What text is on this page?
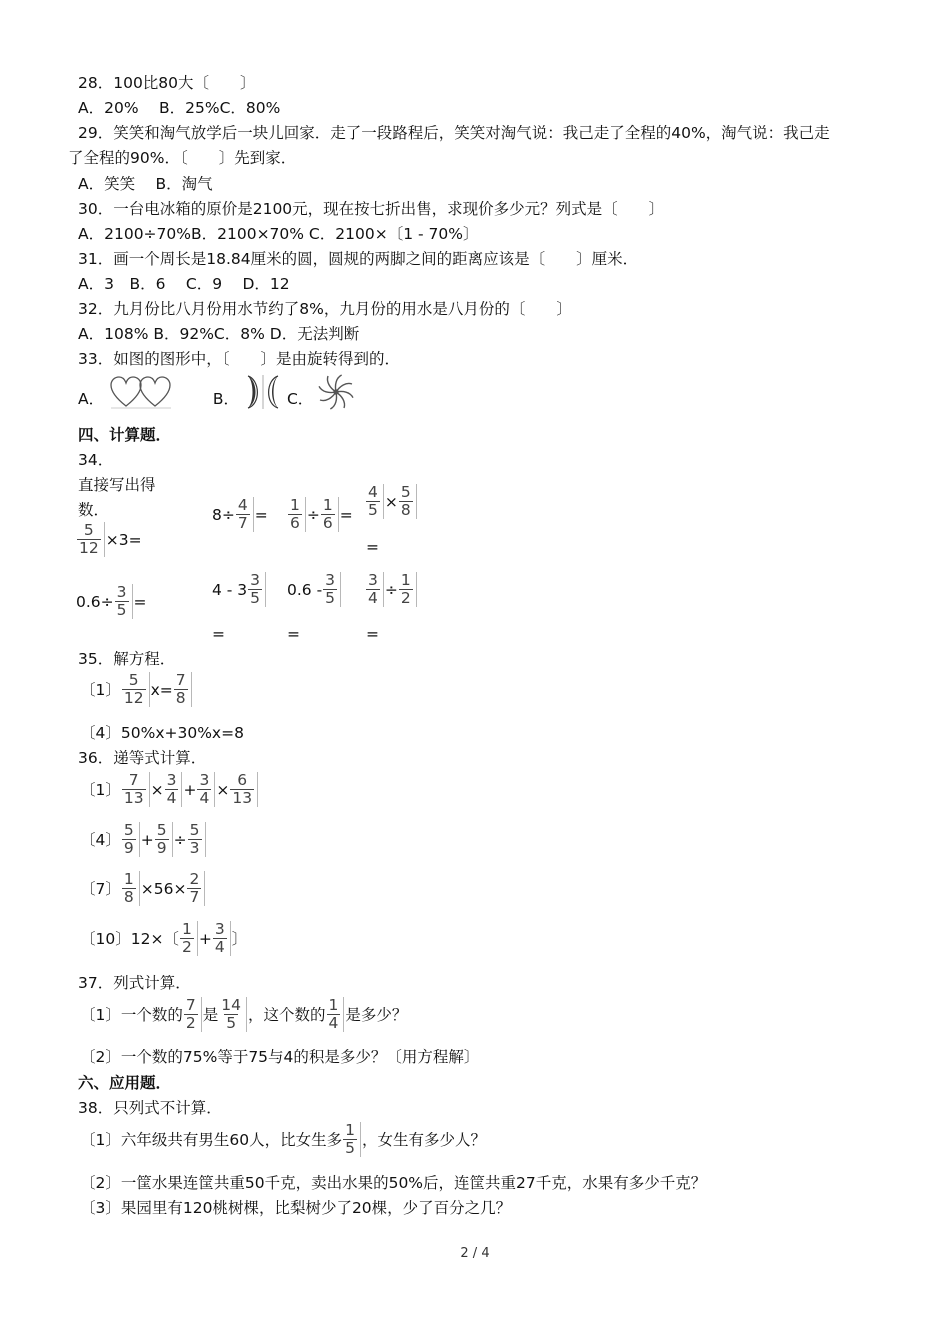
28．100比80大〔　　〕
A．20%　 B．25%C．80%
29．笑笑和淘气放学后一块儿回家．走了一段路程后，笑笑对淘气说：我己走了全程的40%，淘气说：我己走
了全程的90%．〔　　〕先到家．
A．笑笑　 B．淘气
30．一台电冰箱的原价是2100元，现在按七折出售，求现价多少元？列式是〔　　〕
A．2100÷70%B．2100×70% C．2100×〔1 - 70%〕
31．画一个周长是18.84厘米的圆，圆规的两脚之间的距离应该是〔　　〕厘米．
A．3　B．6　 C．9　 D．12
32．九月份比八月份用水节约了8%，九月份的用水是八月份的〔　　〕
A．108% B．92%C．8% D．无法判断
33．如图的图形中，〔　　〕是由旋转得到的．
A．	B．	C．
四、计算题．
34．
直接写出得
数．
$\frac{5}{12} \times 3=$
$8\div \frac{4}{7} = \frac{1}{6} \div \frac{1}{6} = \frac{4}{5} \times \frac{5}{8}$
=
$0.6\div \frac{3}{5}$ =
$4 - 3 \frac{3}{5}$
=
$0.6 - \frac{3}{5}$
=
$\frac{3}{4} \div \frac{1}{2}$
=
35．解方程．
〔1〕 $\frac{5}{12} x= \frac{7}{8}$
〔4〕50%x+30%x=8
36．递等式计算．
〔1〕 $\frac{7}{13} \times \frac{3}{4} + \frac{3}{4} \times \frac{6}{13}$
〔4〕 $\frac{5}{9} + \frac{5}{9} \div \frac{5}{3}$
〔7〕 $\frac{1}{8} \times 56\times \frac{2}{7}$
〔10〕12×〔 $\frac{1}{2} + \frac{3}{4}$ 〕
37．列式计算．
〔1〕一个数的 $\frac{7}{2}$ 是 $\frac{14}{5}$ ，这个数的 $\frac{1}{4}$ 是多少？
〔2〕一个数的75%等于75与4的积是多少？〔用方程解〕
六、应用题．
38．只列式不计算．
〔1〕六年级共有男生60人，比女生多 $\frac{1}{5}$ ，女生有多少人？
〔2〕一筐水果连筐共重50千克，卖出水果的50%后，连筐共重27千克，水果有多少千克？
〔3〕果园里有120桃树棵，比梨树少了20棵，少了百分之几？
2 / 4
